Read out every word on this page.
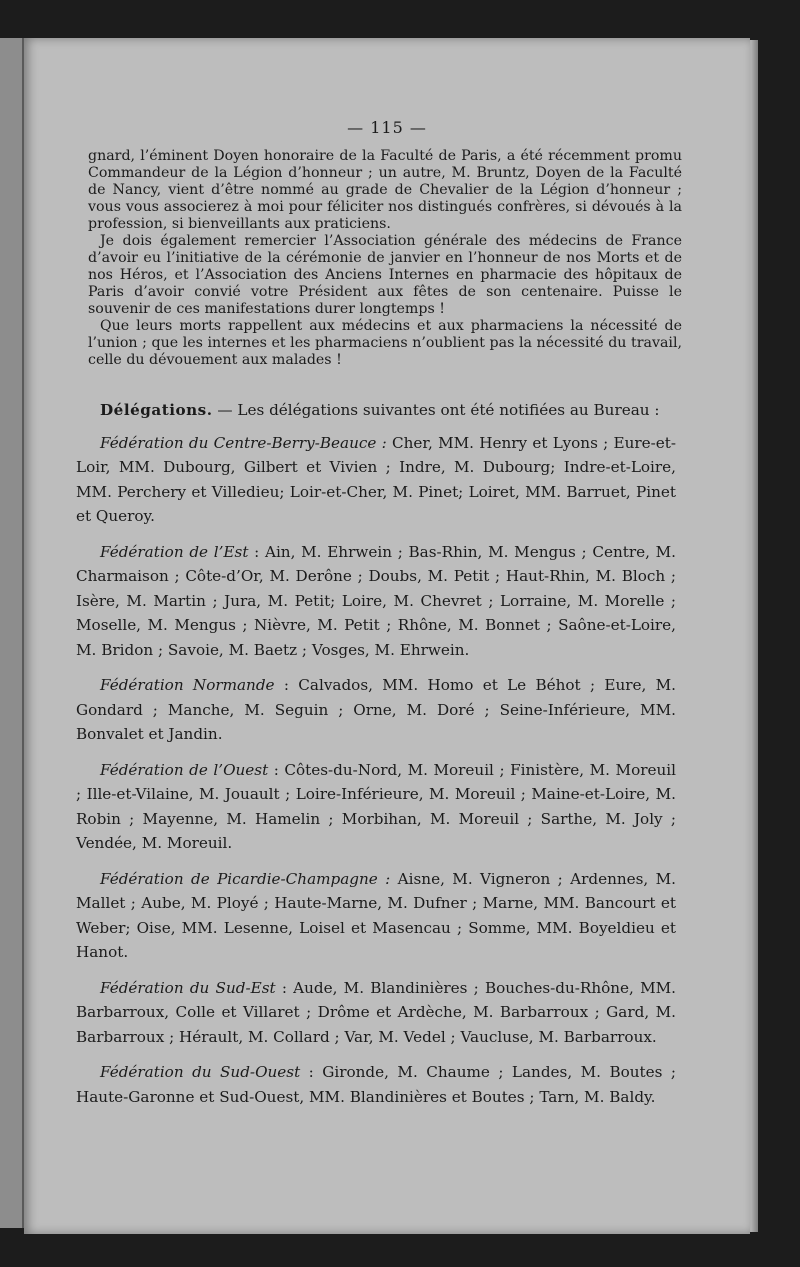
— 115 —

gnard, l’éminent Doyen honoraire de la Faculté de Paris, a été récemment promu Commandeur de la Légion d’honneur ; un autre, M. Bruntz, Doyen de la Faculté de Nancy, vient d’être nommé au grade de Chevalier de la Légion d’honneur ; vous vous associerez à moi pour féliciter nos distingués confrères, si dévoués à la profession, si bienveillants aux praticiens.

Je dois également remercier l’Association générale des médecins de France d’avoir eu l’initiative de la cérémonie de janvier en l’honneur de nos Morts et de nos Héros, et l’Association des Anciens Internes en pharmacie des hôpitaux de Paris d’avoir convié votre Président aux fêtes de son centenaire. Puisse le souvenir de ces manifestations durer longtemps !

Que leurs morts rappellent aux médecins et aux pharmaciens la nécessité de l’union ; que les internes et les pharmaciens n’oublient pas la nécessité du travail, celle du dévouement aux malades !

Délégations. — Les délégations suivantes ont été notifiées au Bureau :

Fédération du Centre-Berry-Beauce : Cher, MM. Henry et Lyons ; Eure-et-Loir, MM. Dubourg, Gilbert et Vivien ; Indre, M. Dubourg; Indre-et-Loire, MM. Perchery et Villedieu; Loir-et-Cher, M. Pinet; Loiret, MM. Barruet, Pinet et Queroy.

Fédération de l’Est : Ain, M. Ehrwein ; Bas-Rhin, M. Mengus ; Centre, M. Charmaison ; Côte-d’Or, M. Derône ; Doubs, M. Petit ; Haut-Rhin, M. Bloch ; Isère, M. Martin ; Jura, M. Petit; Loire, M. Chevret ; Lorraine, M. Morelle ; Moselle, M. Mengus ; Nièvre, M. Petit ; Rhône, M. Bonnet ; Saône-et-Loire, M. Bridon ; Savoie, M. Baetz ; Vosges, M. Ehrwein.

Fédération Normande : Calvados, MM. Homo et Le Béhot ; Eure, M. Gondard ; Manche, M. Seguin ; Orne, M. Doré ; Seine-Inférieure, MM. Bonvalet et Jandin.

Fédération de l’Ouest : Côtes-du-Nord, M. Moreuil ; Finistère, M. Moreuil ; Ille-et-Vilaine, M. Jouault ; Loire-Inférieure, M. Moreuil ; Maine-et-Loire, M. Robin ; Mayenne, M. Hamelin ; Morbihan, M. Moreuil ; Sarthe, M. Joly ; Vendée, M. Moreuil.

Fédération de Picardie-Champagne : Aisne, M. Vigneron ; Ardennes, M. Mallet ; Aube, M. Ployé ; Haute-Marne, M. Dufner ; Marne, MM. Bancourt et Weber; Oise, MM. Lesenne, Loisel et Masencau ; Somme, MM. Boyeldieu et Hanot.

Fédération du Sud-Est : Aude, M. Blandinières ; Bouches-du-Rhône, MM. Barbarroux, Colle et Villaret ; Drôme et Ardèche, M. Barbarroux ; Gard, M. Barbarroux ; Hérault, M. Collard ; Var, M. Vedel ; Vaucluse, M. Barbarroux.

Fédération du Sud-Ouest : Gironde, M. Chaume ; Landes, M. Boutes ; Haute-Garonne et Sud-Ouest, MM. Blandinières et Boutes ; Tarn, M. Baldy.
